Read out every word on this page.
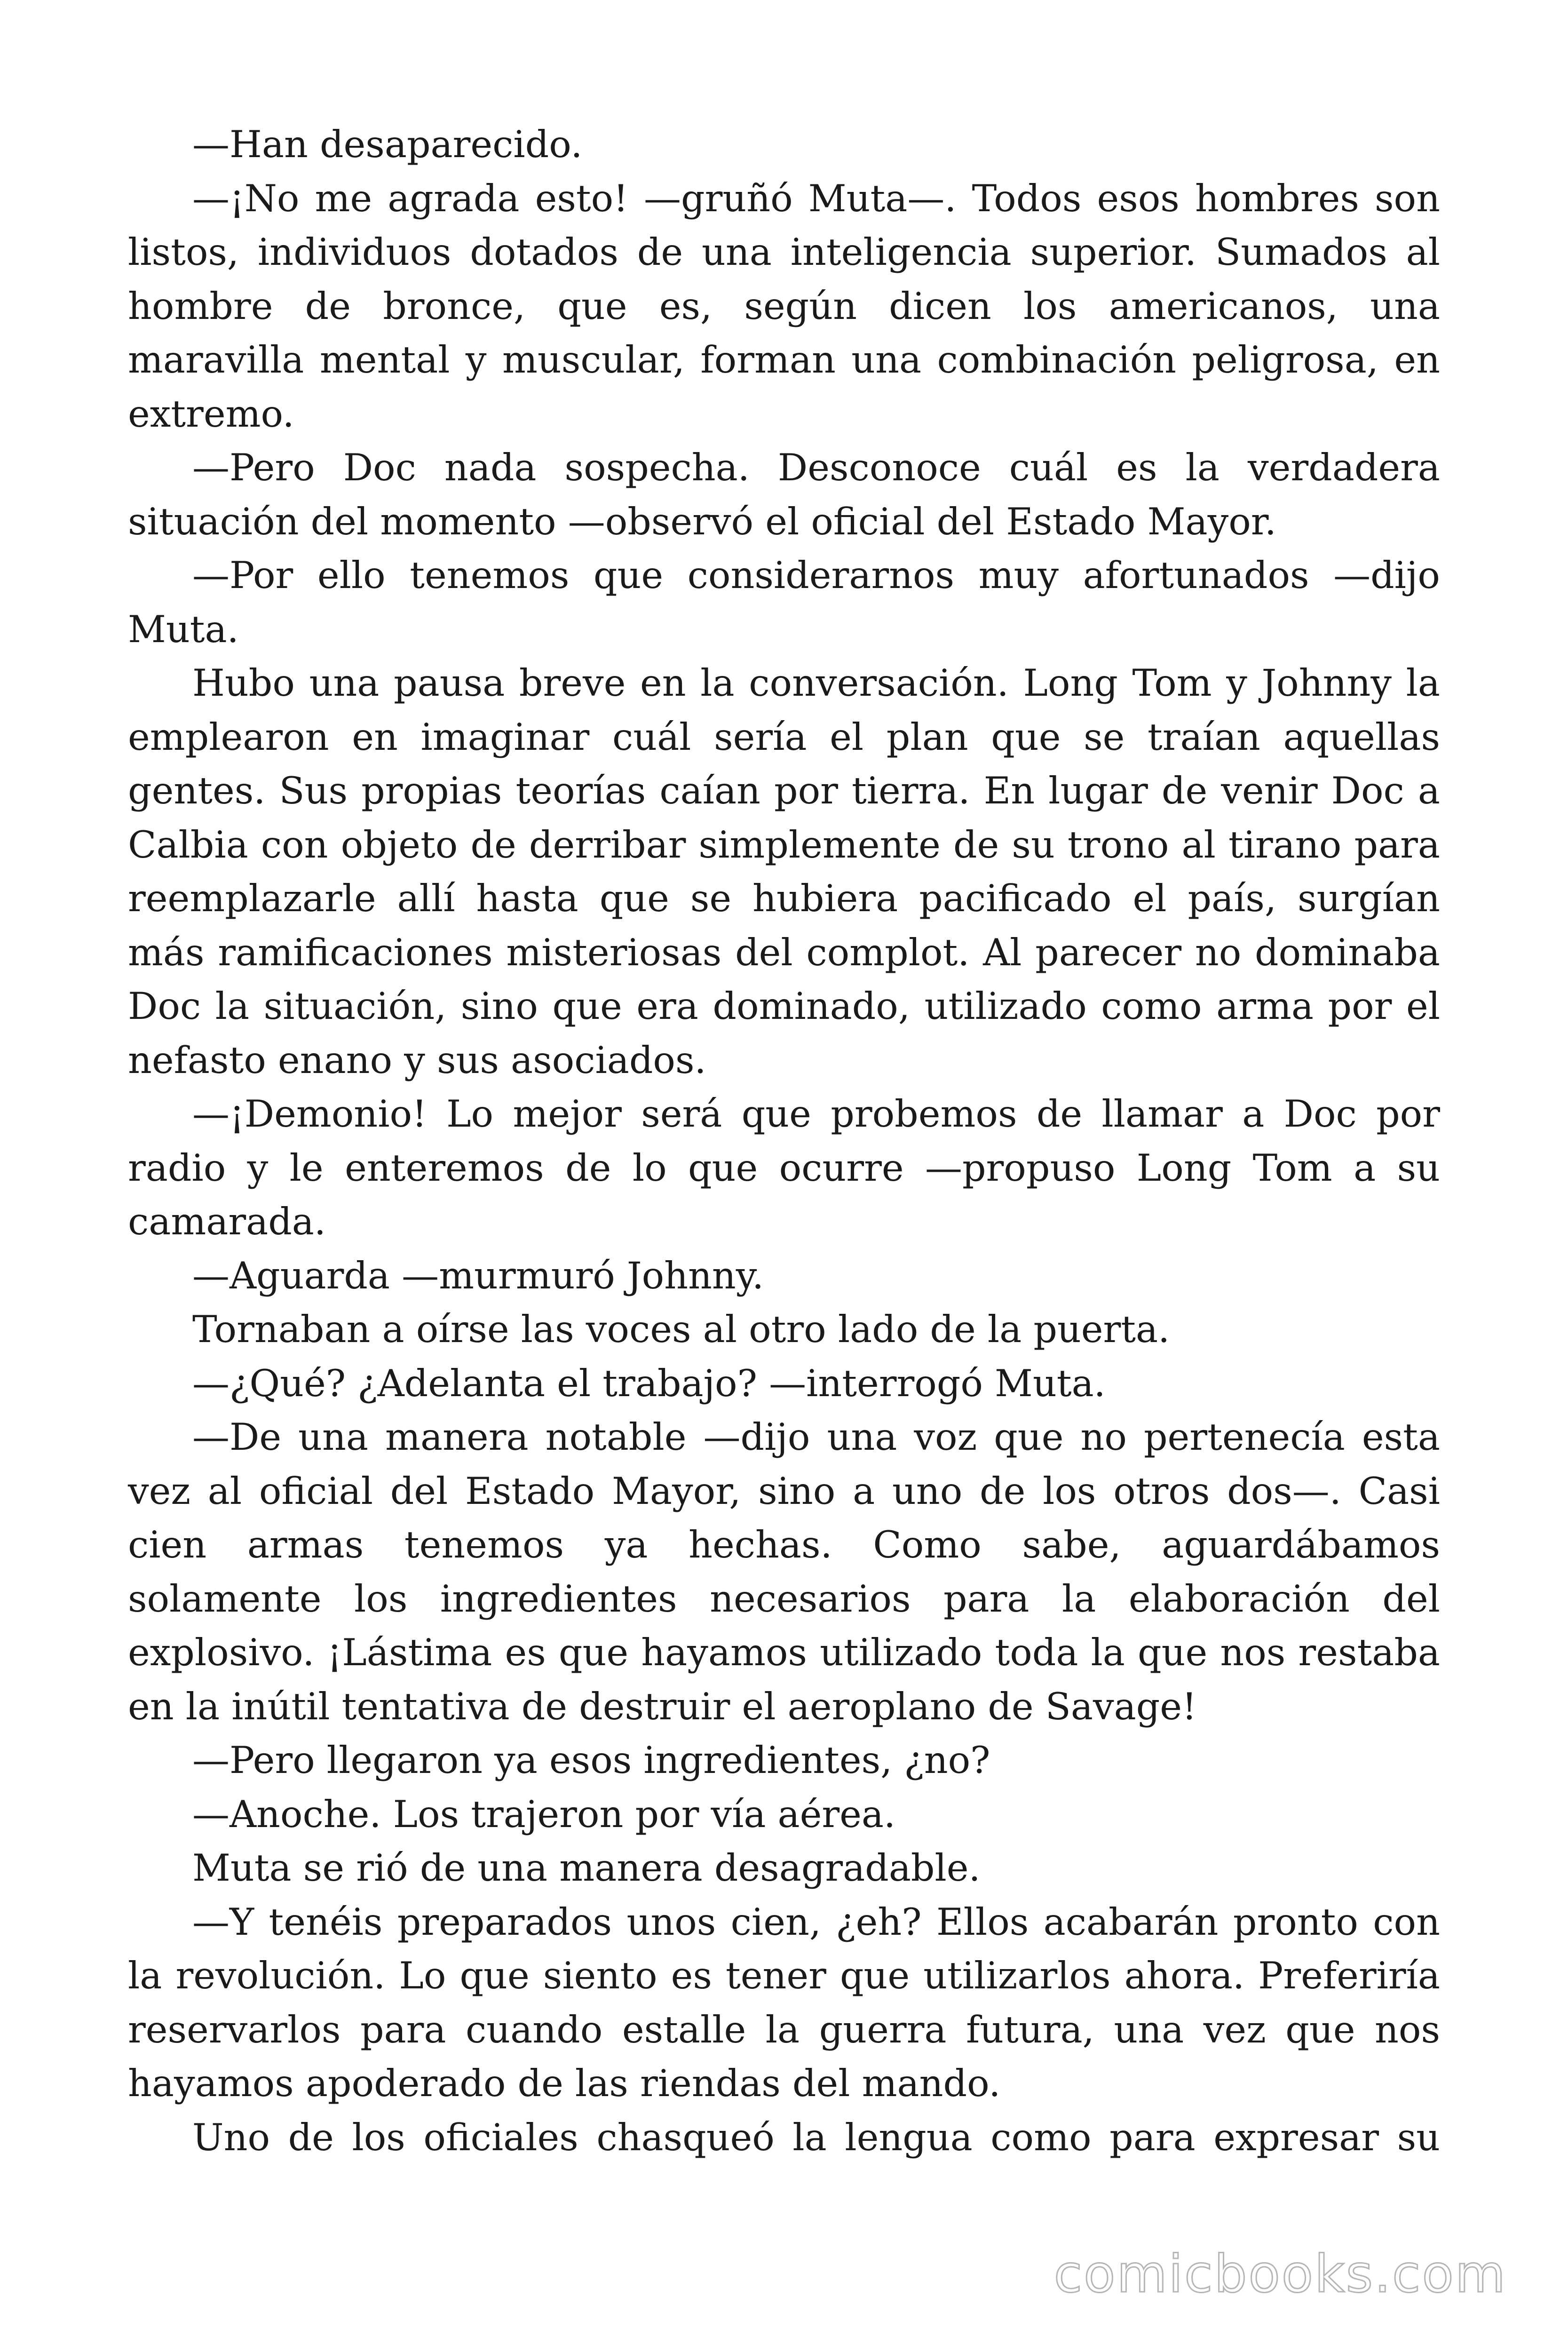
—Han desaparecido.

—¡No me agrada esto! —gruñó Muta—. Todos esos hombres son listos, individuos dotados de una inteligencia superior. Sumados al hombre de bronce, que es, según dicen los americanos, una maravilla mental y muscular, forman una combinación peligrosa, en extremo.

—Pero Doc nada sospecha. Desconoce cuál es la verdadera situación del momento —observó el oficial del Estado Mayor.

—Por ello tenemos que considerarnos muy afortunados —dijo Muta.

Hubo una pausa breve en la conversación. Long Tom y Johnny la emplearon en imaginar cuál sería el plan que se traían aquellas gentes. Sus propias teorías caían por tierra. En lugar de venir Doc a Calbia con objeto de derribar simplemente de su trono al tirano para reemplazarle allí hasta que se hubiera pacificado el país, surgían más ramificaciones misteriosas del complot. Al parecer no dominaba Doc la situación, sino que era dominado, utilizado como arma por el nefasto enano y sus asociados.

—¡Demonio! Lo mejor será que probemos de llamar a Doc por radio y le enteremos de lo que ocurre —propuso Long Tom a su camarada.

—Aguarda —murmuró Johnny.

Tornaban a oírse las voces al otro lado de la puerta.

—¿Qué? ¿Adelanta el trabajo? —interrogó Muta.

—De una manera notable —dijo una voz que no pertenecía esta vez al oficial del Estado Mayor, sino a uno de los otros dos—. Casi cien armas tenemos ya hechas. Como sabe, aguardábamos solamente los ingredientes necesarios para la elaboración del explosivo. ¡Lástima es que hayamos utilizado toda la que nos restaba en la inútil tentativa de destruir el aeroplano de Savage!

—Pero llegaron ya esos ingredientes, ¿no?

—Anoche. Los trajeron por vía aérea.

Muta se rió de una manera desagradable.

—Y tenéis preparados unos cien, ¿eh? Ellos acabarán pronto con la revolución. Lo que siento es tener que utilizarlos ahora. Preferiría reservarlos para cuando estalle la guerra futura, una vez que nos hayamos apoderado de las riendas del mando.

Uno de los oficiales chasqueó la lengua como para expresar su

comicbooks.com
